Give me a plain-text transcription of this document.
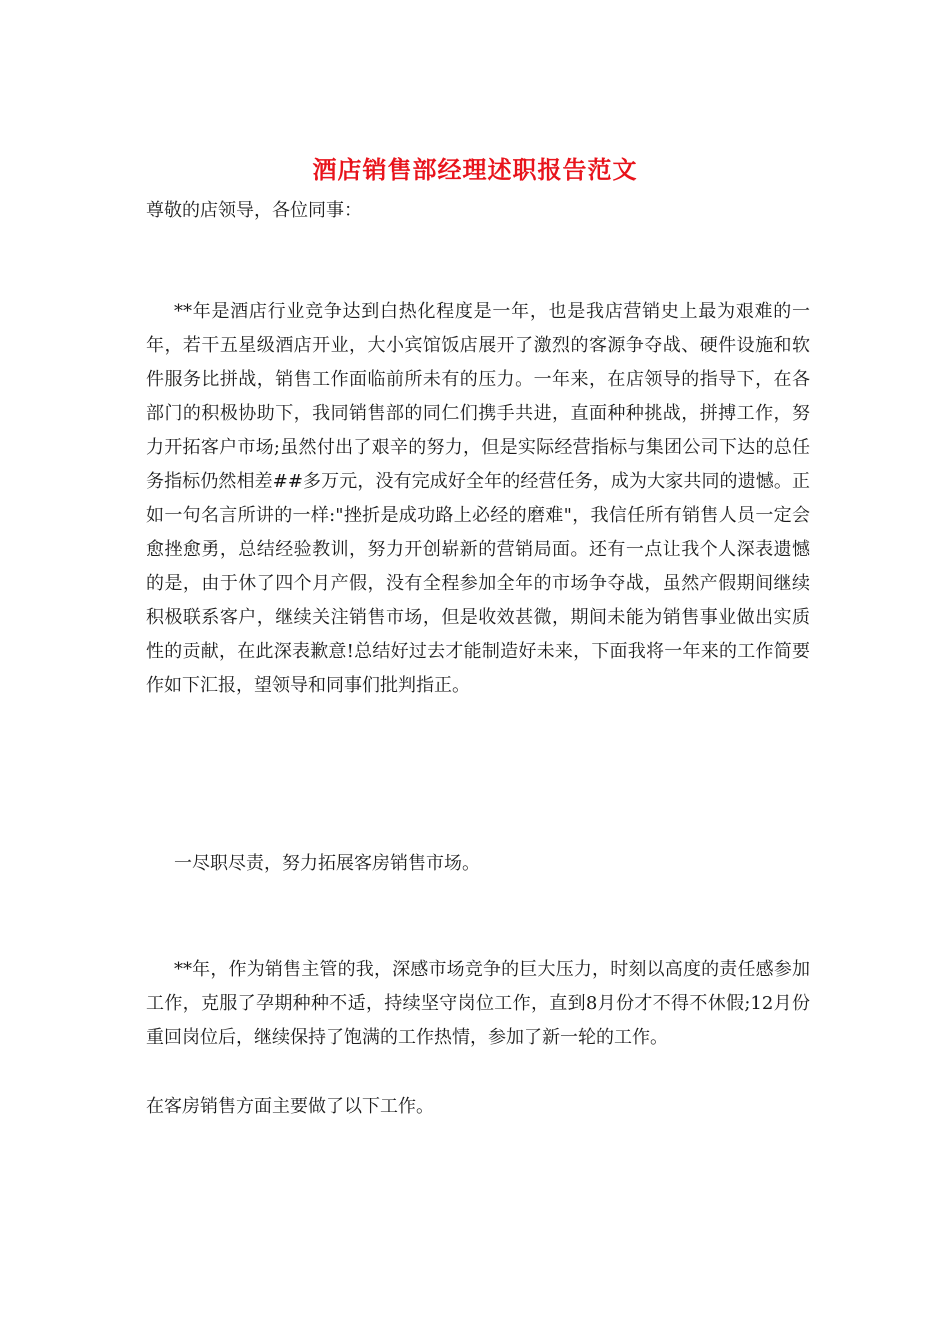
酒店销售部经理述职报告范文
尊敬的店领导，各位同事：
**年是酒店行业竞争达到白热化程度是一年，也是我店营销史上最为艰难的一年，若干五星级酒店开业，大小宾馆饭店展开了激烈的客源争夺战、硬件设施和软件服务比拼战，销售工作面临前所未有的压力。一年来，在店领导的指导下，在各部门的积极协助下，我同销售部的同仁们携手共进，直面种种挑战，拼搏工作，努力开拓客户市场;虽然付出了艰辛的努力，但是实际经营指标与集团公司下达的总任务指标仍然相差##多万元，没有完成好全年的经营任务，成为大家共同的遗憾。正如一句名言所讲的一样:"挫折是成功路上必经的磨难"，我信任所有销售人员一定会愈挫愈勇，总结经验教训，努力开创崭新的营销局面。还有一点让我个人深表遗憾的是，由于休了四个月产假，没有全程参加全年的市场争夺战，虽然产假期间继续积极联系客户，继续关注销售市场，但是收效甚微，期间未能为销售事业做出实质性的贡献，在此深表歉意!总结好过去才能制造好未来，下面我将一年来的工作简要作如下汇报，望领导和同事们批判指正。
一尽职尽责，努力拓展客房销售市场。
**年，作为销售主管的我，深感市场竞争的巨大压力，时刻以高度的责任感参加工作，克服了孕期种种不适，持续坚守岗位工作，直到8月份才不得不休假;12月份重回岗位后，继续保持了饱满的工作热情，参加了新一轮的工作。
在客房销售方面主要做了以下工作。
